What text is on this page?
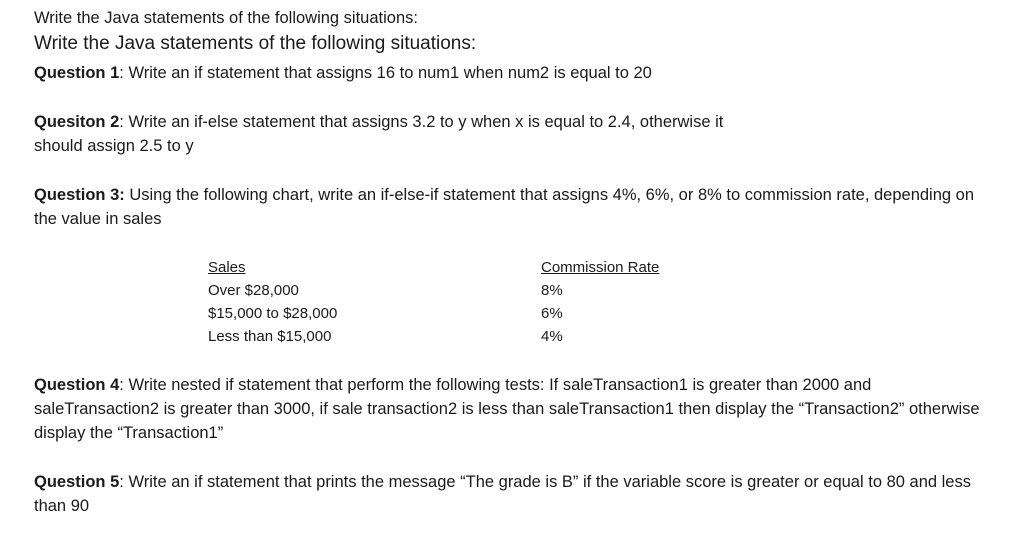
Write the Java statements of the following situations:
Write the Java statements of the following situations:
Question 1: Write an if statement that assigns 16 to num1 when num2 is equal to 20
Quesiton 2: Write an if-else statement that assigns 3.2 to y when x is equal to 2.4, otherwise it should assign 2.5 to y
Question 3: Using the following chart, write an if-else-if statement that assigns 4%, 6%, or 8% to commission rate, depending on the value in sales
Sales
Over $28,000
$15,000 to $28,000
Less than $15,000
Commission Rate
8%
6%
4%
Question 4: Write nested if statement that perform the following tests: If saleTransaction1 is greater than 2000 and saleTransaction2 is greater than 3000, if sale transaction2 is less than saleTransaction1 then display the “Transaction2” otherwise display the “Transaction1”
Question 5: Write an if statement that prints the message “The grade is B” if the variable score is greater or equal to 80 and less than 90
